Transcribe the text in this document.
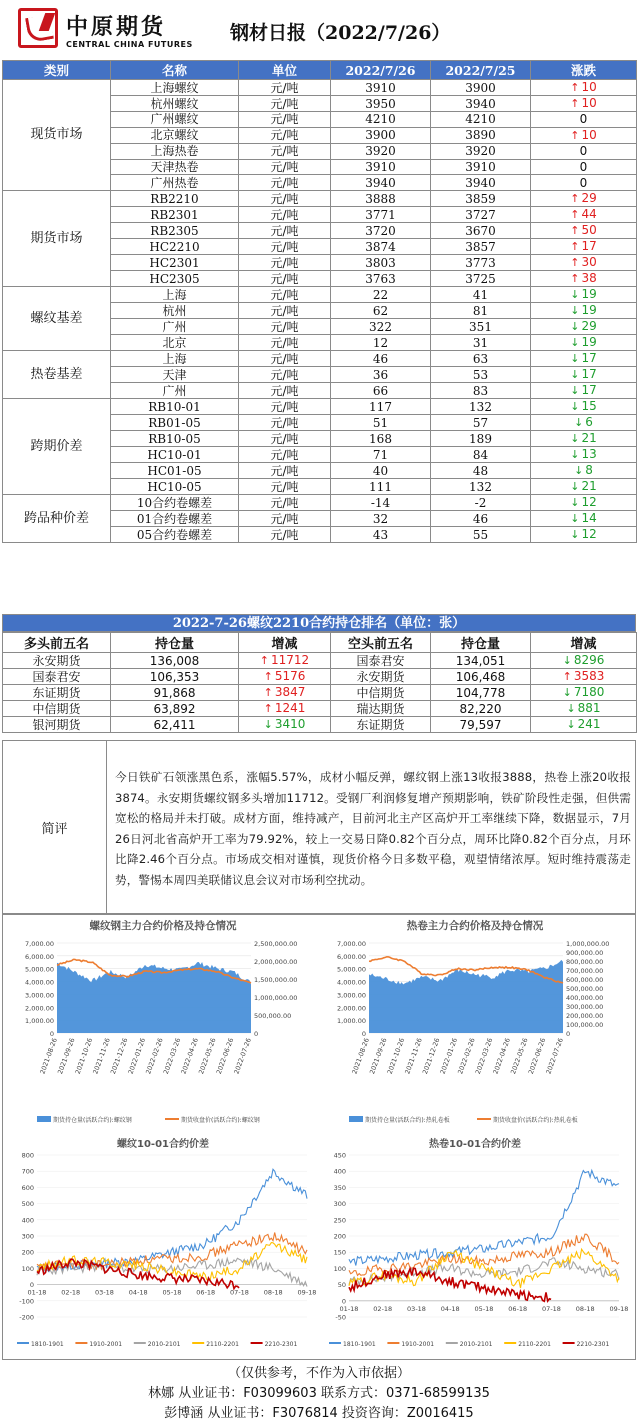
中原期货
CENTRAL CHINA FUTURES
钢材日报（2022/7/26）
类别	名称	单位	2022/7/26	2022/7/25	涨跌
现货市场	上海螺纹	元/吨	3910	3900	↑ 10
	杭州螺纹	元/吨	3950	3940	↑ 10
	广州螺纹	元/吨	4210	4210	0
	北京螺纹	元/吨	3900	3890	↑ 10
	上海热卷	元/吨	3920	3920	0
	天津热卷	元/吨	3910	3910	0
	广州热卷	元/吨	3940	3940	0
期货市场	RB2210	元/吨	3888	3859	↑ 29
	RB2301	元/吨	3771	3727	↑ 44
	RB2305	元/吨	3720	3670	↑ 50
	HC2210	元/吨	3874	3857	↑ 17
	HC2301	元/吨	3803	3773	↑ 30
	HC2305	元/吨	3763	3725	↑ 38
螺纹基差	上海	元/吨	22	41	↓ 19
	杭州	元/吨	62	81	↓ 19
	广州	元/吨	322	351	↓ 29
	北京	元/吨	12	31	↓ 19
热卷基差	上海	元/吨	46	63	↓ 17
	天津	元/吨	36	53	↓ 17
	广州	元/吨	66	83	↓ 17
跨期价差	RB10-01	元/吨	117	132	↓ 15
	RB01-05	元/吨	51	57	↓ 6
	RB10-05	元/吨	168	189	↓ 21
	HC10-01	元/吨	71	84	↓ 13
	HC01-05	元/吨	40	48	↓ 8
	HC10-05	元/吨	111	132	↓ 21
跨品种价差	10合约卷螺差	元/吨	-14	-2	↓ 12
	01合约卷螺差	元/吨	32	46	↓ 14
	05合约卷螺差	元/吨	43	55	↓ 12
2022-7-26螺纹2210合约持仓排名（单位：张）
多头前五名	持仓量	增减	空头前五名	持仓量	增减
永安期货	136,008	↑ 11712	国泰君安	134,051	↓ 8296
国泰君安	106,353	↑ 5176	永安期货	106,468	↑ 3583
东证期货	91,868	↑ 3847	中信期货	104,778	↓ 7180
中信期货	63,892	↑ 1241	瑞达期货	82,220	↓ 881
银河期货	62,411	↓ 3410	东证期货	79,597	↓ 241
简评
今日铁矿石领涨黑色系，涨幅5.57%，成材小幅反弹，螺纹钢上涨13收报3888，热卷上涨20收报3874。永安期货螺纹钢多头增加11712。受钢厂利润修复增产预期影响，铁矿阶段性走强，但供需宽松的格局并未打破。成材方面，维持减产，目前河北主产区高炉开工率继续下降，数据显示，7月26日河北省高炉开工率为79.92%，较上一交易日降0.82个百分点，周环比降0.82个百分点，月环比降2.46个百分点。市场成交相对谨慎，现货价格今日多数平稳，观望情绪浓厚。短时维持震荡走势，警惕本周四美联储议息会议对市场利空扰动。
螺纹钢主力合约价格及持仓情况
0
1,000.00
2,000.00
3,000.00
4,000.00
5,000.00
6,000.00
7,000.00
0
500,000.00
1,000,000.00
1,500,000.00
2,000,000.00
2,500,000.00
2021-08-26
2021-09-26
2021-10-26
2021-11-26
2021-12-26
2022-01-26
2022-02-26
2022-03-26
2022-04-26
2022-05-26
2022-06-26
2022-07-26
期货持仓量(活跃合约):螺纹钢	期货收盘价(活跃合约):螺纹钢
热卷主力合约价格及持仓情况
0
1,000.00
2,000.00
3,000.00
4,000.00
5,000.00
6,000.00
7,000.00
0
100,000.00
200,000.00
300,000.00
400,000.00
500,000.00
600,000.00
700,000.00
800,000.00
900,000.00
1,000,000.00
2021-08-26
2021-09-26
2021-10-26
2021-11-26
2021-12-26
2022-01-26
2022-02-26
2022-03-26
2022-04-26
2022-05-26
2022-06-26
2022-07-26
期货持仓量(活跃合约):热轧卷板	期货收盘价(活跃合约):热轧卷板
螺纹10-01合约价差
-200
-100
0
100
200
300
400
500
600
700
800
01-18 02-18 03-18 04-18 05-18 06-18 07-18 08-18 09-18
1810-1901	1910-2001	2010-2101	2110-2201	2210-2301
热卷10-01合约价差
-50
0
50
100
150
200
250
300
350
400
450
01-18 02-18 03-18 04-18 05-18 06-18 07-18 08-18 09-18
1810-1901	1910-2001	2010-2101	2110-2201	2210-2301
（仅供参考，不作为入市依据）
林娜 从业证书：F03099603 联系方式：0371-68599135
彭博涵 从业证书：F3076814 投资咨询：Z0016415
